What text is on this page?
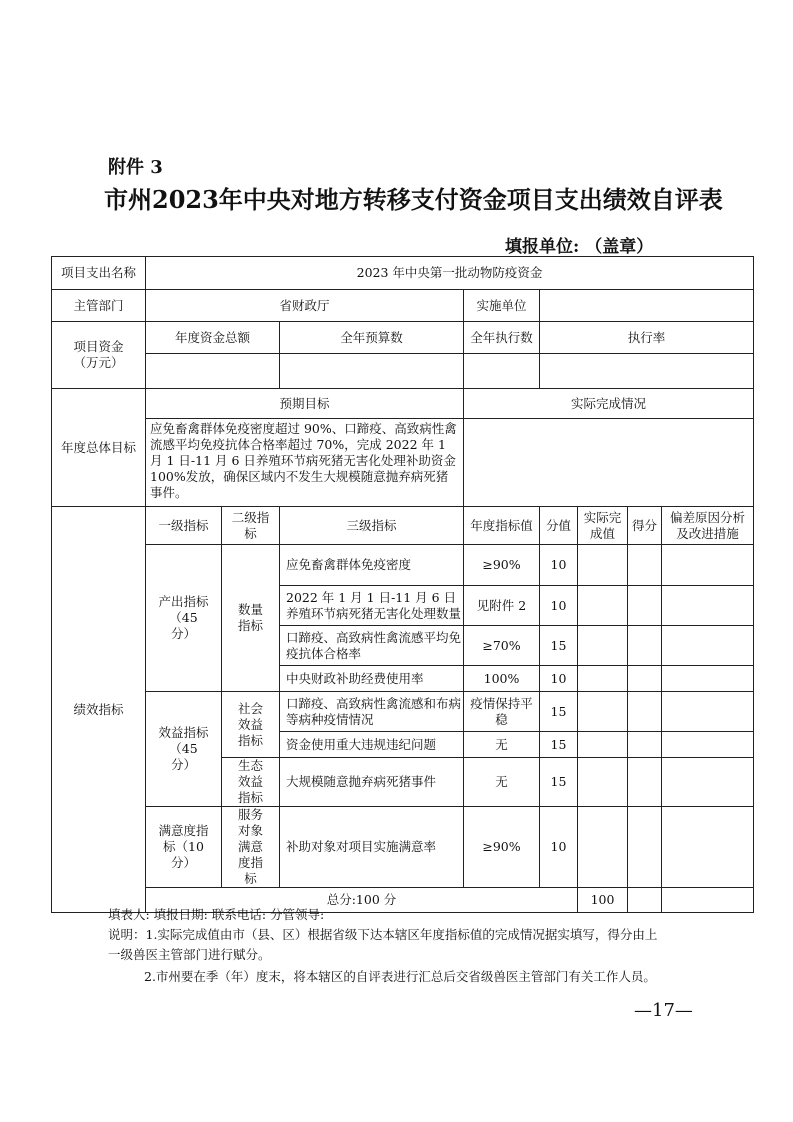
附件 3
市州2023年中央对地方转移支付资金项目支出绩效自评表
填报单位: （盖章）
项目支出名称	2023 年中央第一批动物防疫资金								
主管部门	省财政厅			实施单位					
项目资金（万元）	年度资金总额		全年预算数	全年执行数	执行率				

年度总体目标	预期目标			实际完成情况					
	应免畜禽群体免疫密度超过 90%、口蹄疫、高致病性禽流感平均免疫抗体合格率超过 70%，完成 2022 年 1 月 1 日-11 月 6 日养殖环节病死猪无害化处理补助资金 100%发放，确保区域内不发生大规模随意抛弃病死猪事件。								
绩效指标	一级指标	二级指标	三级指标	年度指标值	分值	实际完成值	得分	偏差原因分析及改进措施	
	产出指标（45 分）	数量指标	应免畜禽群体免疫密度	≥90%	10				
			2022 年 1 月 1 日-11 月 6 日养殖环节病死猪无害化处理数量	见附件 2	10				
			口蹄疫、高致病性禽流感平均免疫抗体合格率	≥70%	15				
			中央财政补助经费使用率	100%	10				
	效益指标（45 分）	社会效益指标	口蹄疫、高致病性禽流感和布病等病种疫情情况	疫情保持平稳	15				
			资金使用重大违规违纪问题	无	15				
		生态效益指标	大规模随意抛弃病死猪事件	无	15				
	满意度指标（10 分）	服务对象满意度指标	补助对象对项目实施满意率	≥90%	10				
	总分:100 分					100			
填表人: 填报日期: 联系电话: 分管领导:
说明：1.实际完成值由市（县、区）根据省级下达本辖区年度指标值的完成情况据实填写，得分由上
一级兽医主管部门进行赋分。
2.市州要在季（年）度末，将本辖区的自评表进行汇总后交省级兽医主管部门有关工作人员。
—17—
